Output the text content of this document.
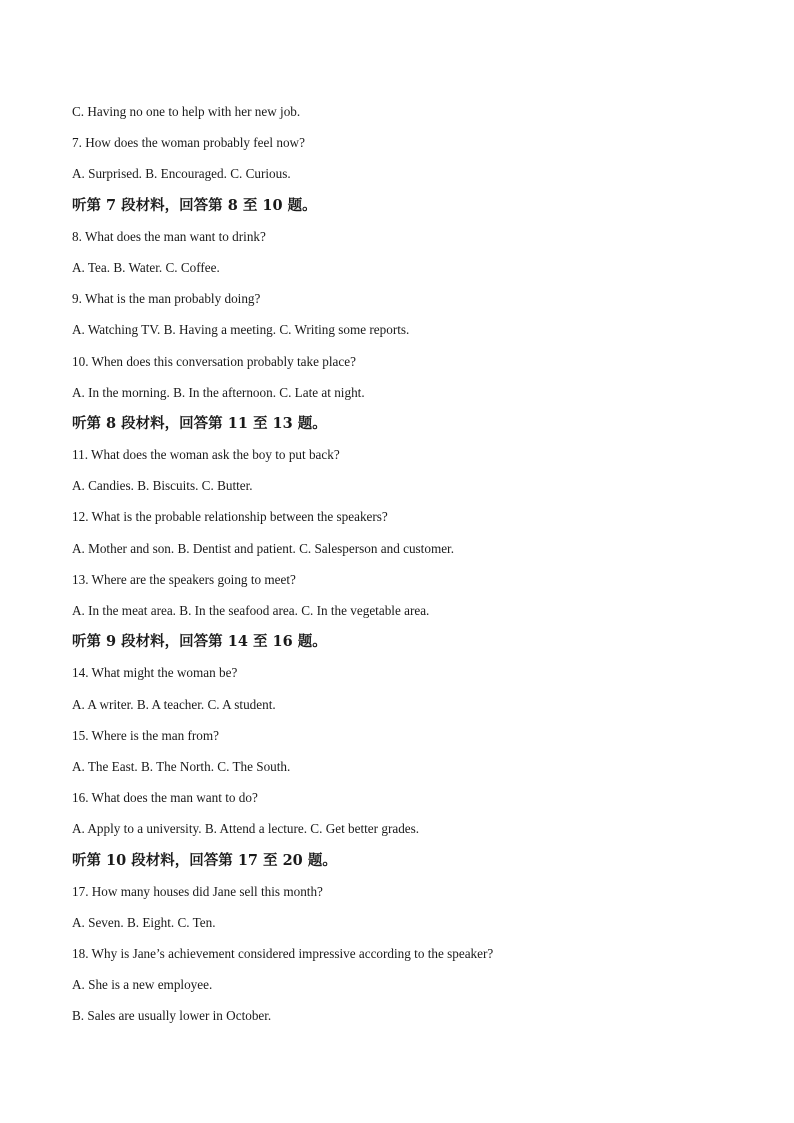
C. Having no one to help with her new job.
7. How does the woman probably feel now?
A. Surprised. B. Encouraged. C. Curious.
听第 7 段材料，回答第 8 至 10 题。
8. What does the man want to drink?
A. Tea. B. Water. C. Coffee.
9. What is the man probably doing?
A. Watching TV. B. Having a meeting. C. Writing some reports.
10. When does this conversation probably take place?
A. In the morning. B. In the afternoon. C. Late at night.
听第 8 段材料，回答第 11 至 13 题。
11. What does the woman ask the boy to put back?
A. Candies. B. Biscuits. C. Butter.
12. What is the probable relationship between the speakers?
A. Mother and son. B. Dentist and patient. C. Salesperson and customer.
13. Where are the speakers going to meet?
A. In the meat area. B. In the seafood area. C. In the vegetable area.
听第 9 段材料，回答第 14 至 16 题。
14. What might the woman be?
A. A writer. B. A teacher. C. A student.
15. Where is the man from?
A. The East. B. The North. C. The South.
16. What does the man want to do?
A. Apply to a university. B. Attend a lecture. C. Get better grades.
听第 10 段材料，回答第 17 至 20 题。
17. How many houses did Jane sell this month?
A. Seven. B. Eight. C. Ten.
18. Why is Jane’s achievement considered impressive according to the speaker?
A. She is a new employee.
B. Sales are usually lower in October.
